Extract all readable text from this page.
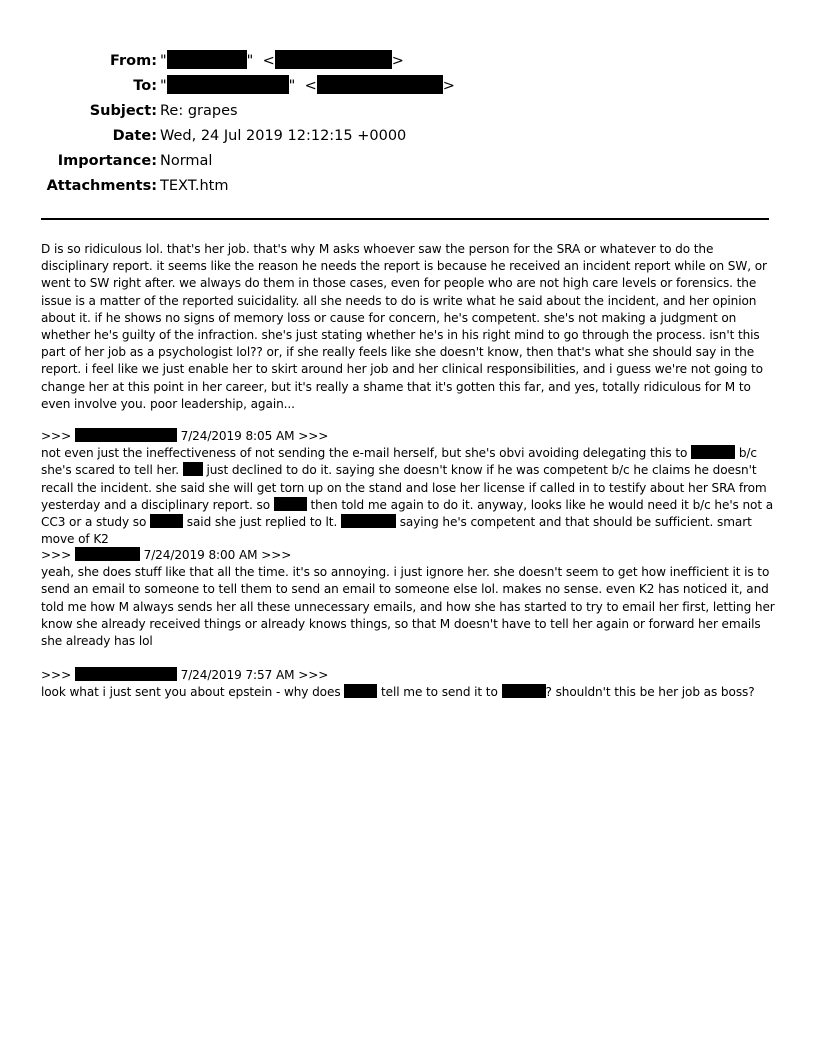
From: "	" <	>
To: "	" <	>
Subject: Re: grapes
Date: Wed, 24 Jul 2019 12:12:15 +0000
Importance: Normal
Attachments: TEXT.htm

D is so ridiculous lol. that's her job. that's why M asks whoever saw the person for the SRA or whatever to do the disciplinary report. it seems like the reason he needs the report is because he received an incident report while on SW, or went to SW right after. we always do them in those cases, even for people who are not high care levels or forensics. the issue is a matter of the reported suicidality. all she needs to do is write what he said about the incident, and her opinion about it. if he shows no signs of memory loss or cause for concern, he's competent. she's not making a judgment on whether he's guilty of the infraction. she's just stating whether he's in his right mind to go through the process. isn't this part of her job as a psychologist lol?? or, if she really feels like she doesn't know, then that's what she should say in the report. i feel like we just enable her to skirt around her job and her clinical responsibilities, and i guess we're not going to change her at this point in her career, but it's really a shame that it's gotten this far, and yes, totally ridiculous for M to even involve you. poor leadership, again...

>>>	7/24/2019 8:05 AM >>>

not even just the ineffectiveness of not sending the e-mail herself, but she's obvi avoiding delegating this to	b/c she's scared to tell her. just declined to do it. saying she doesn't know if he was competent b/c he claims he doesn't recall the incident. she said she will get torn up on the stand and lose her license if called in to testify about her SRA from yesterday and a disciplinary report. so	then told me again to do it. anyway, looks like he would need it b/c he's not a CC3 or a study so	said she just replied to lt.	saying he's competent and that should be sufficient. smart move of K2

>>>	7/24/2019 8:00 AM >>>

yeah, she does stuff like that all the time. it's so annoying. i just ignore her. she doesn't seem to get how inefficient it is to send an email to someone to tell them to send an email to someone else lol. makes no sense. even K2 has noticed it, and told me how M always sends her all these unnecessary emails, and how she has started to try to email her first, letting her know she already received things or already knows things, so that M doesn't have to tell her again or forward her emails she already has lol

>>>	7/24/2019 7:57 AM >>>

look what i just sent you about epstein - why does	tell me to send it to	? shouldn't this be her job as boss?
